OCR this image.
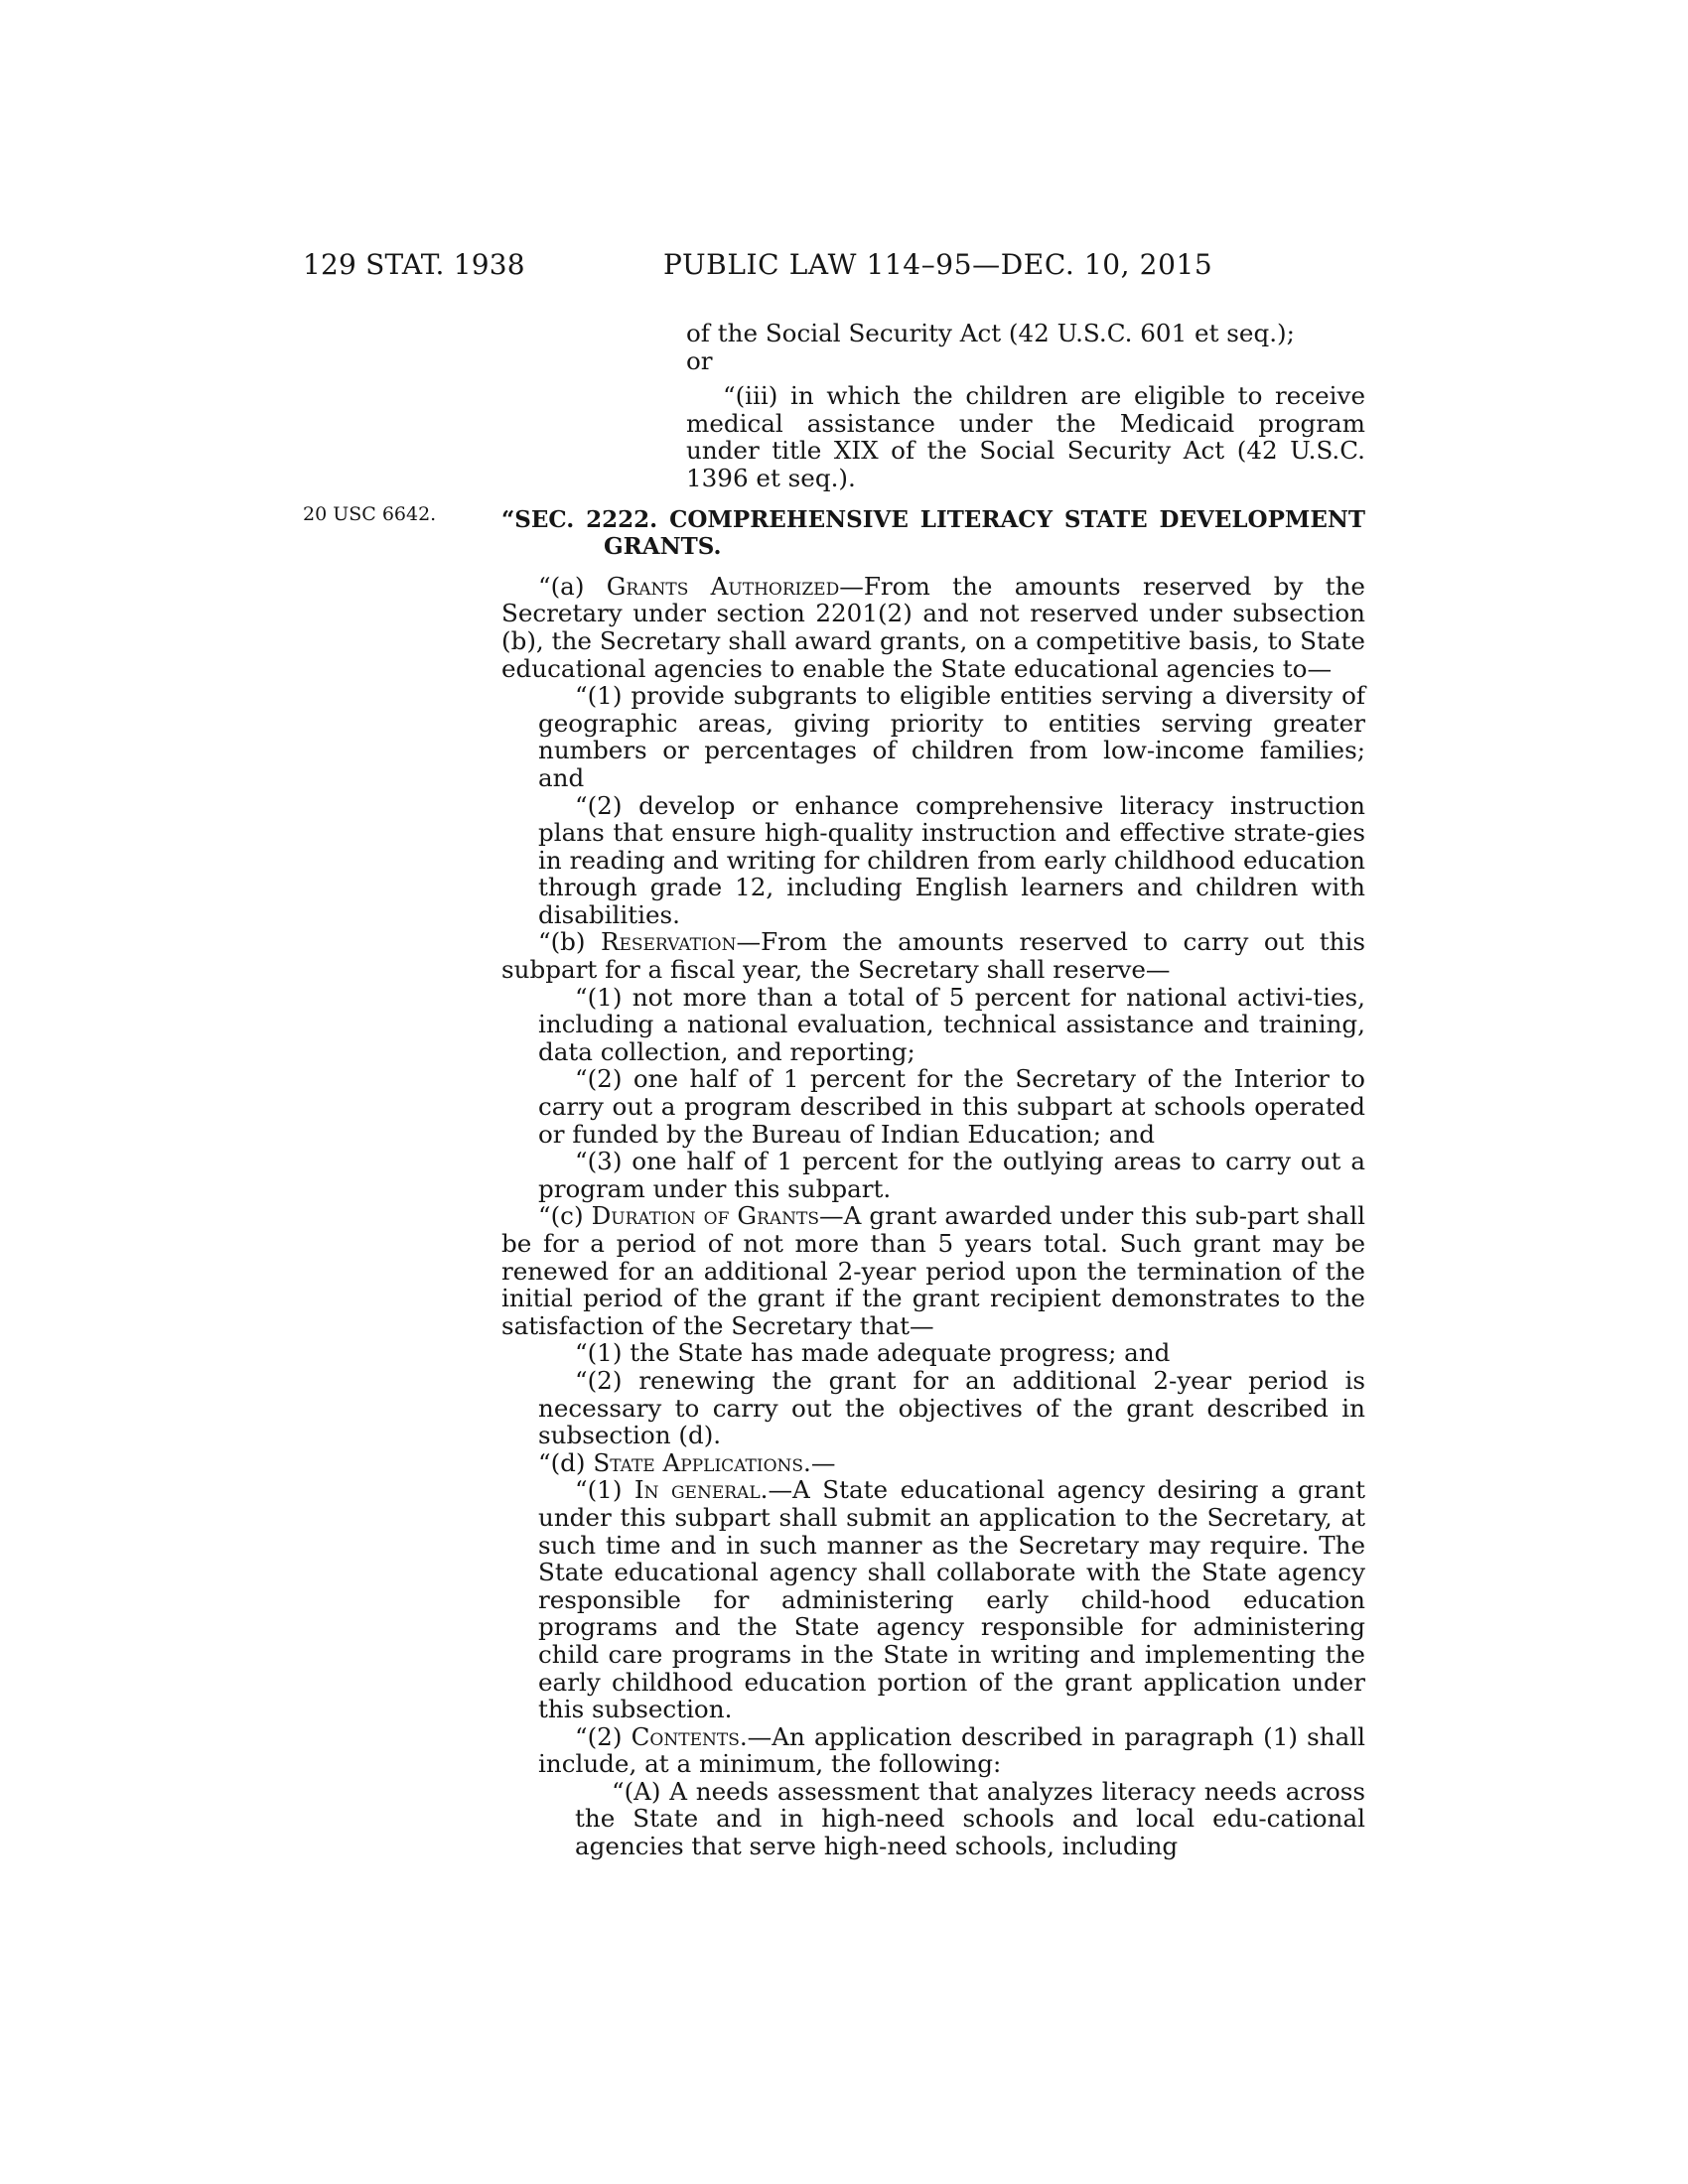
129 STAT. 1938	PUBLIC LAW 114–95—DEC. 10, 2015
20 USC 6642.

of the Social Security Act (42 U.S.C. 601 et seq.);

or

“(iii) in which the children are eligible to receive medical assistance under the Medicaid program under title XIX of the Social Security Act (42 U.S.C. 1396 et seq.).

“SEC. 2222. COMPREHENSIVE LITERACY STATE DEVELOPMENT
GRANTS.

“(a) Grants Authorized—From the amounts reserved by the Secretary under section 2201(2) and not reserved under subsection (b), the Secretary shall award grants, on a competitive basis, to State educational agencies to enable the State educational agencies to—

“(1) provide subgrants to eligible entities serving a diversity of geographic areas, giving priority to entities serving greater numbers or percentages of children from low-income families; and

“(2) develop or enhance comprehensive literacy instruction plans that ensure high-quality instruction and effective strate-gies in reading and writing for children from early childhood education through grade 12, including English learners and children with disabilities.

“(b) Reservation—From the amounts reserved to carry out this subpart for a fiscal year, the Secretary shall reserve—

“(1) not more than a total of 5 percent for national activi-ties, including a national evaluation, technical assistance and training, data collection, and reporting;

“(2) one half of 1 percent for the Secretary of the Interior to carry out a program described in this subpart at schools operated or funded by the Bureau of Indian Education; and

“(3) one half of 1 percent for the outlying areas to carry out a program under this subpart.

“(c) Duration of Grants—A grant awarded under this sub-part shall be for a period of not more than 5 years total. Such grant may be renewed for an additional 2-year period upon the termination of the initial period of the grant if the grant recipient demonstrates to the satisfaction of the Secretary that—

“(1) the State has made adequate progress; and

“(2) renewing the grant for an additional 2-year period is necessary to carry out the objectives of the grant described in subsection (d).

“(d) State Applications.—

“(1) In general.—A State educational agency desiring a grant under this subpart shall submit an application to the Secretary, at such time and in such manner as the Secretary may require. The State educational agency shall collaborate with the State agency responsible for administering early child-hood education programs and the State agency responsible for administering child care programs in the State in writing and implementing the early childhood education portion of the grant application under this subsection.

“(2) Contents.—An application described in paragraph (1) shall include, at a minimum, the following:

“(A) A needs assessment that analyzes literacy needs across the State and in high-need schools and local edu-cational agencies that serve high-need schools, including
